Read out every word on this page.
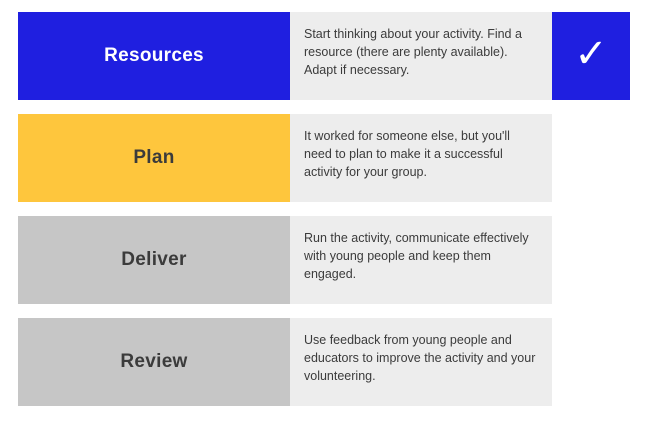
Resources
Start thinking about your activity. Find a resource (there are plenty available). Adapt if necessary.	✓
Plan
It worked for someone else, but you'll need to plan to make it a successful activity for your group.
Deliver
Run the activity, communicate effectively with young people and keep them engaged.
Review
Use feedback from young people and educators to improve the activity and your volunteering.
